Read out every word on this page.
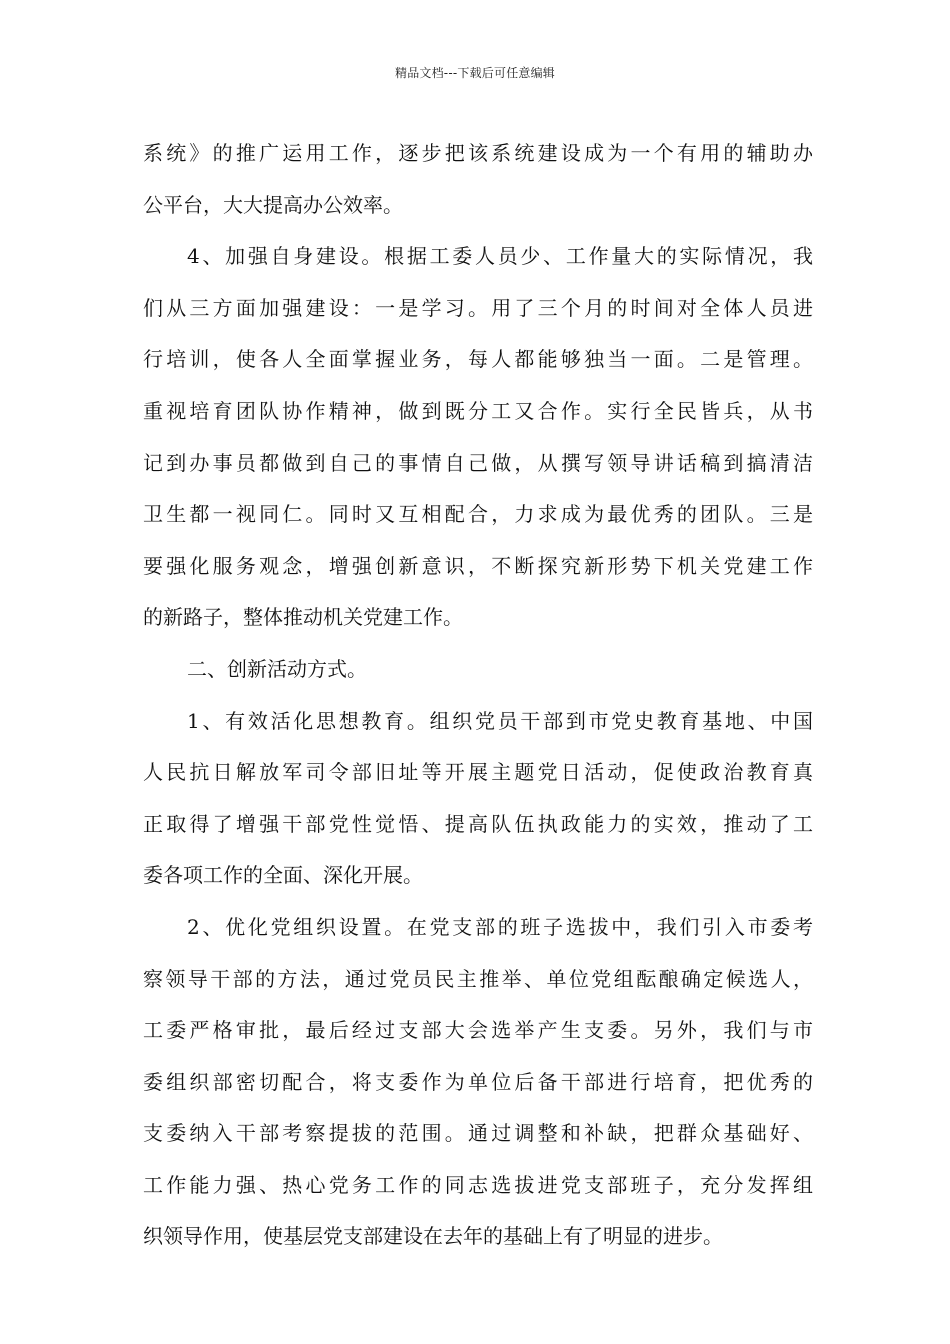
精品文档---下载后可任意编辑
系统》的推广运用工作，逐步把该系统建设成为一个有用的辅助办
公平台，大大提高办公效率。
4、加强自身建设。根据工委人员少、工作量大的实际情况，我
们从三方面加强建设：一是学习。用了三个月的时间对全体人员进
行培训，使各人全面掌握业务，每人都能够独当一面。二是管理。
重视培育团队协作精神，做到既分工又合作。实行全民皆兵，从书
记到办事员都做到自己的事情自己做，从撰写领导讲话稿到搞清洁
卫生都一视同仁。同时又互相配合，力求成为最优秀的团队。三是
要强化服务观念，增强创新意识，不断探究新形势下机关党建工作
的新路子，整体推动机关党建工作。
二、创新活动方式。
1、有效活化思想教育。组织党员干部到市党史教育基地、中国
人民抗日解放军司令部旧址等开展主题党日活动，促使政治教育真
正取得了增强干部党性觉悟、提高队伍执政能力的实效，推动了工
委各项工作的全面、深化开展。
2、优化党组织设置。在党支部的班子选拔中，我们引入市委考
察领导干部的方法，通过党员民主推举、单位党组酝酿确定候选人，
工委严格审批，最后经过支部大会选举产生支委。另外，我们与市
委组织部密切配合，将支委作为单位后备干部进行培育，把优秀的
支委纳入干部考察提拔的范围。通过调整和补缺，把群众基础好、
工作能力强、热心党务工作的同志选拔进党支部班子，充分发挥组
织领导作用，使基层党支部建设在去年的基础上有了明显的进步。
